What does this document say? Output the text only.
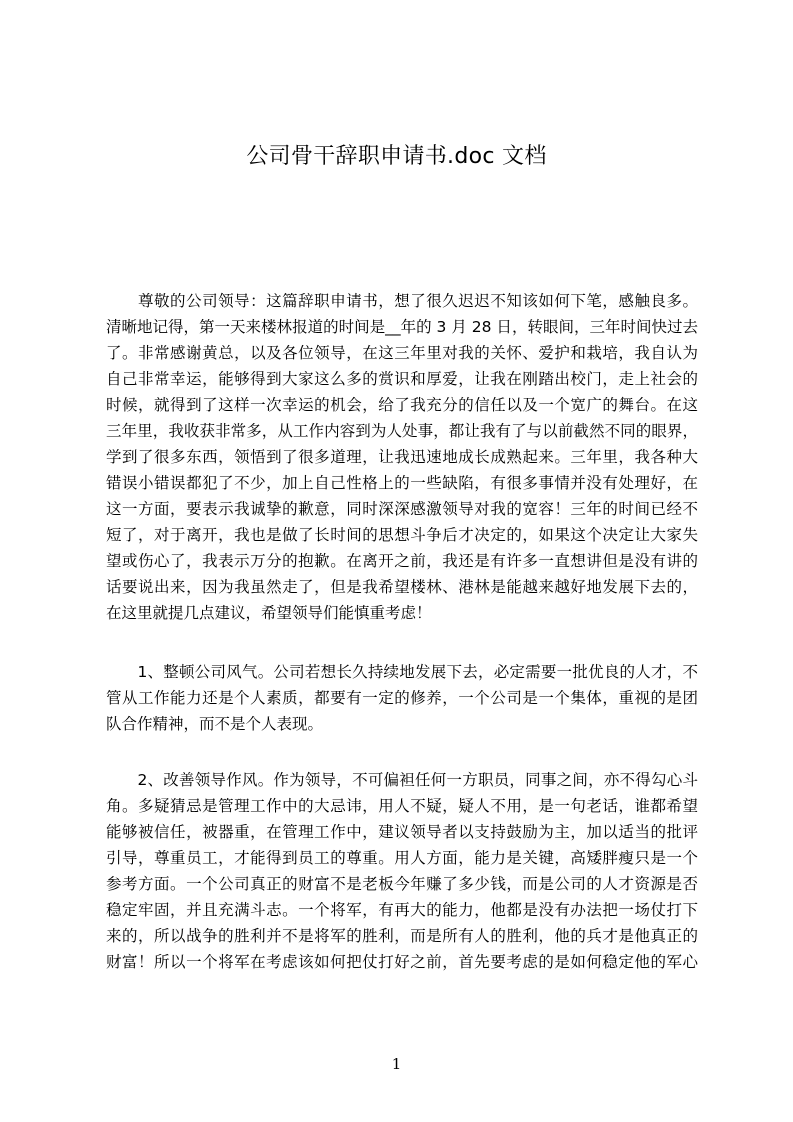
公司骨干辞职申请书.doc 文档
　　尊敬的公司领导：这篇辞职申请书，想了很久迟迟不知该如何下笔，感触良多。
清晰地记得，第一天来楼林报道的时间是__年的 3 月 28 日，转眼间，三年时间快过去
了。非常感谢黄总，以及各位领导，在这三年里对我的关怀、爱护和栽培，我自认为
自己非常幸运，能够得到大家这么多的赏识和厚爱，让我在刚踏出校门，走上社会的
时候，就得到了这样一次幸运的机会，给了我充分的信任以及一个宽广的舞台。在这
三年里，我收获非常多，从工作内容到为人处事，都让我有了与以前截然不同的眼界，
学到了很多东西，领悟到了很多道理，让我迅速地成长成熟起来。三年里，我各种大
错误小错误都犯了不少，加上自己性格上的一些缺陷，有很多事情并没有处理好，在
这一方面，要表示我诚挚的歉意，同时深深感激领导对我的宽容！三年的时间已经不
短了，对于离开，我也是做了长时间的思想斗争后才决定的，如果这个决定让大家失
望或伤心了，我表示万分的抱歉。在离开之前，我还是有许多一直想讲但是没有讲的
话要说出来，因为我虽然走了，但是我希望楼林、港林是能越来越好地发展下去的，
在这里就提几点建议，希望领导们能慎重考虑！
　　1、整顿公司风气。公司若想长久持续地发展下去，必定需要一批优良的人才，不
管从工作能力还是个人素质，都要有一定的修养，一个公司是一个集体，重视的是团
队合作精神，而不是个人表现。
　　2、改善领导作风。作为领导，不可偏袒任何一方职员，同事之间，亦不得勾心斗
角。多疑猜忌是管理工作中的大忌讳，用人不疑，疑人不用，是一句老话，谁都希望
能够被信任，被器重，在管理工作中，建议领导者以支持鼓励为主，加以适当的批评
引导，尊重员工，才能得到员工的尊重。用人方面，能力是关键，高矮胖瘦只是一个
参考方面。一个公司真正的财富不是老板今年赚了多少钱，而是公司的人才资源是否
稳定牢固，并且充满斗志。一个将军，有再大的能力，他都是没有办法把一场仗打下
来的，所以战争的胜利并不是将军的胜利，而是所有人的胜利，他的兵才是他真正的
财富！所以一个将军在考虑该如何把仗打好之前，首先要考虑的是如何稳定他的军心
1
